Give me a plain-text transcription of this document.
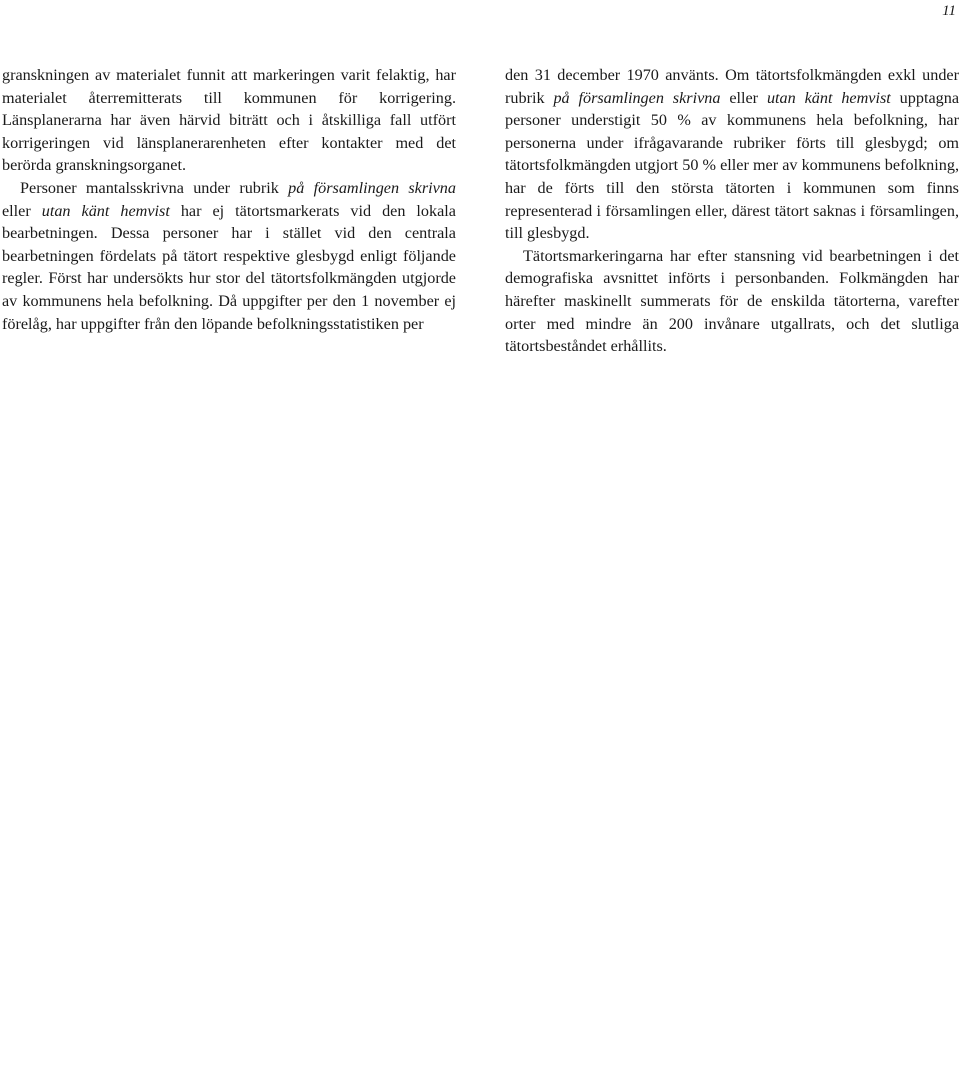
11

granskningen av materialet funnit att markeringen varit felaktig, har materialet återremitterats till kommunen för korrigering. Länsplanerarna har även härvid biträtt och i åtskilliga fall utfört korrigeringen vid länsplanerarenheten efter kontakter med det berörda granskningsorganet.

Personer mantalsskrivna under rubrik på församlingen skrivna eller utan känt hemvist har ej tätortsmarkerats vid den lokala bearbetningen. Dessa personer har i stället vid den centrala bearbetningen fördelats på tätort respektive glesbygd enligt följande regler. Först har undersökts hur stor del tätortsfolkmängden utgjorde av kommunens hela befolkning. Då uppgifter per den 1 november ej förelåg, har uppgifter från den löpande befolkningsstatistiken per

den 31 december 1970 använts. Om tätortsfolkmängden exkl under rubrik på församlingen skrivna eller utan känt hemvist upptagna personer understigit 50 % av kommunens hela befolkning, har personerna under ifrågavarande rubriker förts till glesbygd; om tätortsfolkmängden utgjort 50 % eller mer av kommunens befolkning, har de förts till den största tätorten i kommunen som finns representerad i församlingen eller, därest tätort saknas i församlingen, till glesbygd.

Tätortsmarkeringarna har efter stansning vid bearbetningen i det demografiska avsnittet införts i personbanden. Folkmängden har härefter maskinellt summerats för de enskilda tätorterna, varefter orter med mindre än 200 invånare utgallrats, och det slutliga tätortsbeståndet erhållits.
